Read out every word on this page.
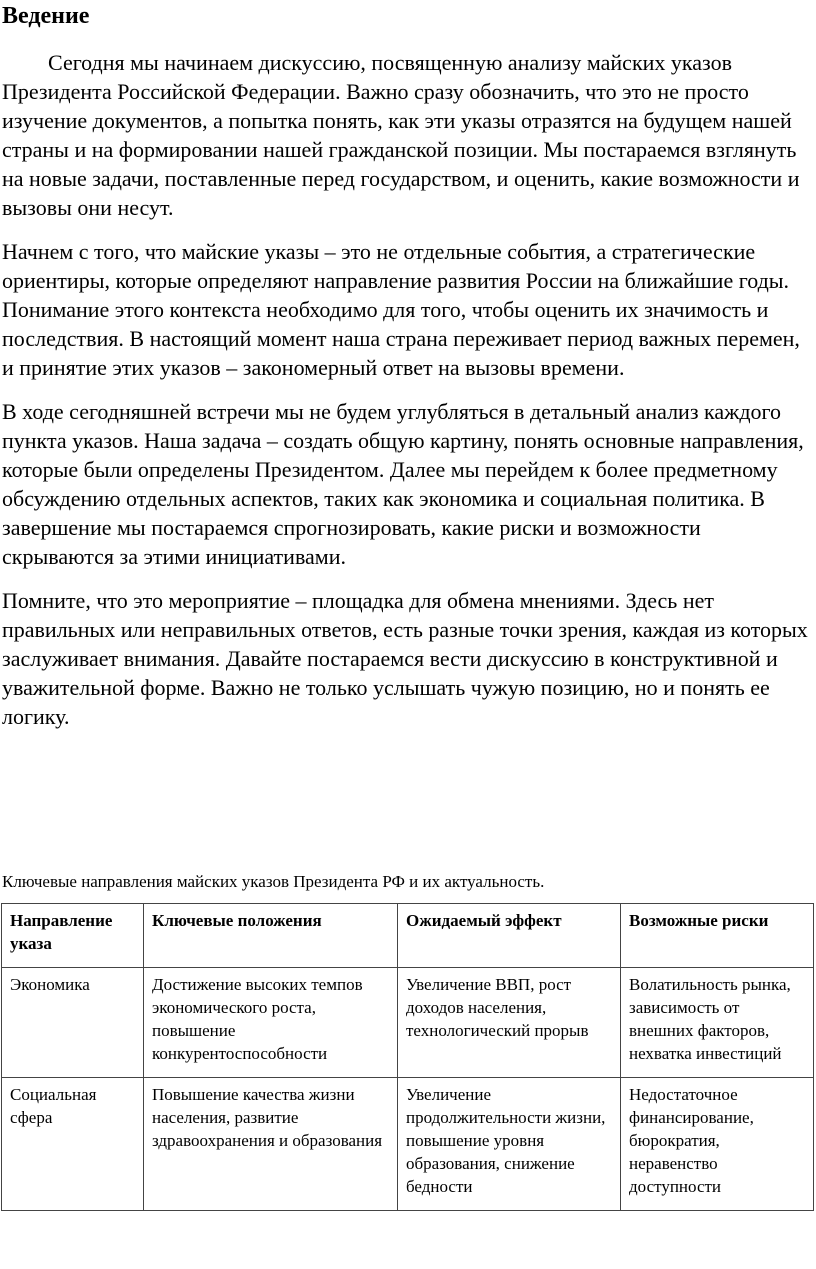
Ведение

Сегодня мы начинаем дискуссию, посвященную анализу майских указов Президента Российской Федерации. Важно сразу обозначить, что это не просто изучение документов, а попытка понять, как эти указы отразятся на будущем нашей страны и на формировании нашей гражданской позиции. Мы постараемся взглянуть на новые задачи, поставленные перед государством, и оценить, какие возможности и вызовы они несут.

Начнем с того, что майские указы – это не отдельные события, а стратегические ориентиры, которые определяют направление развития России на ближайшие годы. Понимание этого контекста необходимо для того, чтобы оценить их значимость и последствия. В настоящий момент наша страна переживает период важных перемен, и принятие этих указов – закономерный ответ на вызовы времени.

В ходе сегодняшней встречи мы не будем углубляться в детальный анализ каждого пункта указов. Наша задача – создать общую картину, понять основные направления, которые были определены Президентом. Далее мы перейдем к более предметному обсуждению отдельных аспектов, таких как экономика и социальная политика. В завершение мы постараемся спрогнозировать, какие риски и возможности скрываются за этими инициативами.

Помните, что это мероприятие – площадка для обмена мнениями. Здесь нет правильных или неправильных ответов, есть разные точки зрения, каждая из которых заслуживает внимания. Давайте постараемся вести дискуссию в конструктивной и уважительной форме. Важно не только услышать чужую позицию, но и понять ее логику.

Ключевые направления майских указов Президента РФ и их актуальность.
Направление указа	Ключевые положения	Ожидаемый эффект	Возможные риски
Экономика	Достижение высоких темпов экономического роста, повышение конкурентоспособности	Увеличение ВВП, рост доходов населения, технологический прорыв	Волатильность рынка, зависимость от внешних факторов, нехватка инвестиций
Социальная сфера	Повышение качества жизни населения, развитие здравоохранения и образования	Увеличение продолжительности жизни, повышение уровня образования, снижение бедности	Недостаточное финансирование, бюрократия, неравенство доступности
